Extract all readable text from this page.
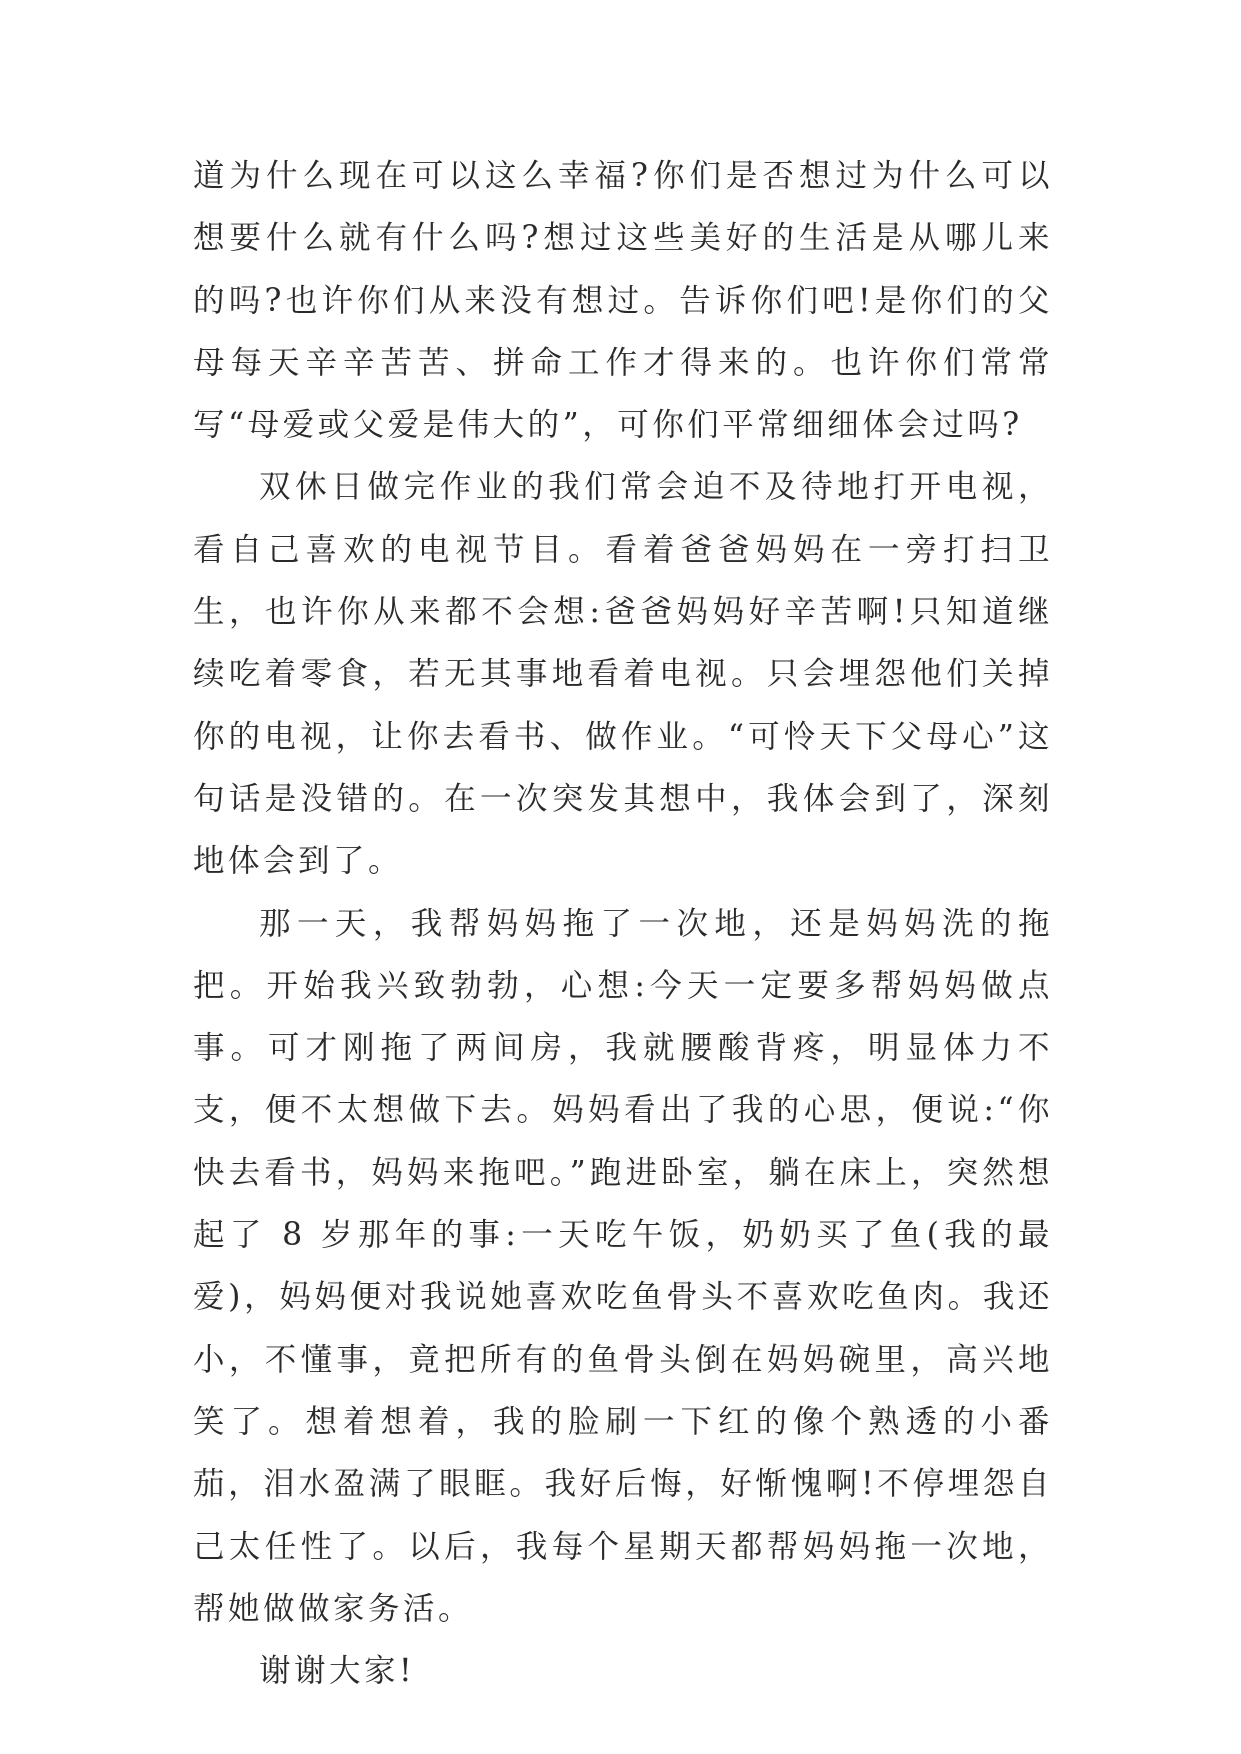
道为什么现在可以这么幸福?你们是否想过为什么可以想要什么就有什么吗?想过这些美好的生活是从哪儿来的吗?也许你们从来没有想过。告诉你们吧!是你们的父母每天辛辛苦苦、拼命工作才得来的。也许你们常常写“母爱或父爱是伟大的”，可你们平常细细体会过吗?

双休日做完作业的我们常会迫不及待地打开电视，看自己喜欢的电视节目。看着爸爸妈妈在一旁打扫卫生，也许你从来都不会想:爸爸妈妈好辛苦啊!只知道继续吃着零食，若无其事地看着电视。只会埋怨他们关掉你的电视，让你去看书、做作业。“可怜天下父母心”这句话是没错的。在一次突发其想中，我体会到了，深刻地体会到了。

那一天，我帮妈妈拖了一次地，还是妈妈洗的拖把。开始我兴致勃勃，心想:今天一定要多帮妈妈做点事。可才刚拖了两间房，我就腰酸背疼，明显体力不支，便不太想做下去。妈妈看出了我的心思，便说:“你快去看书，妈妈来拖吧。”跑进卧室，躺在床上，突然想起了 8 岁那年的事:一天吃午饭，奶奶买了鱼(我的最爱)，妈妈便对我说她喜欢吃鱼骨头不喜欢吃鱼肉。我还小，不懂事，竟把所有的鱼骨头倒在妈妈碗里，高兴地笑了。想着想着，我的脸刷一下红的像个熟透的小番茄，泪水盈满了眼眶。我好后悔，好惭愧啊!不停埋怨自己太任性了。以后，我每个星期天都帮妈妈拖一次地，帮她做做家务活。

谢谢大家!
